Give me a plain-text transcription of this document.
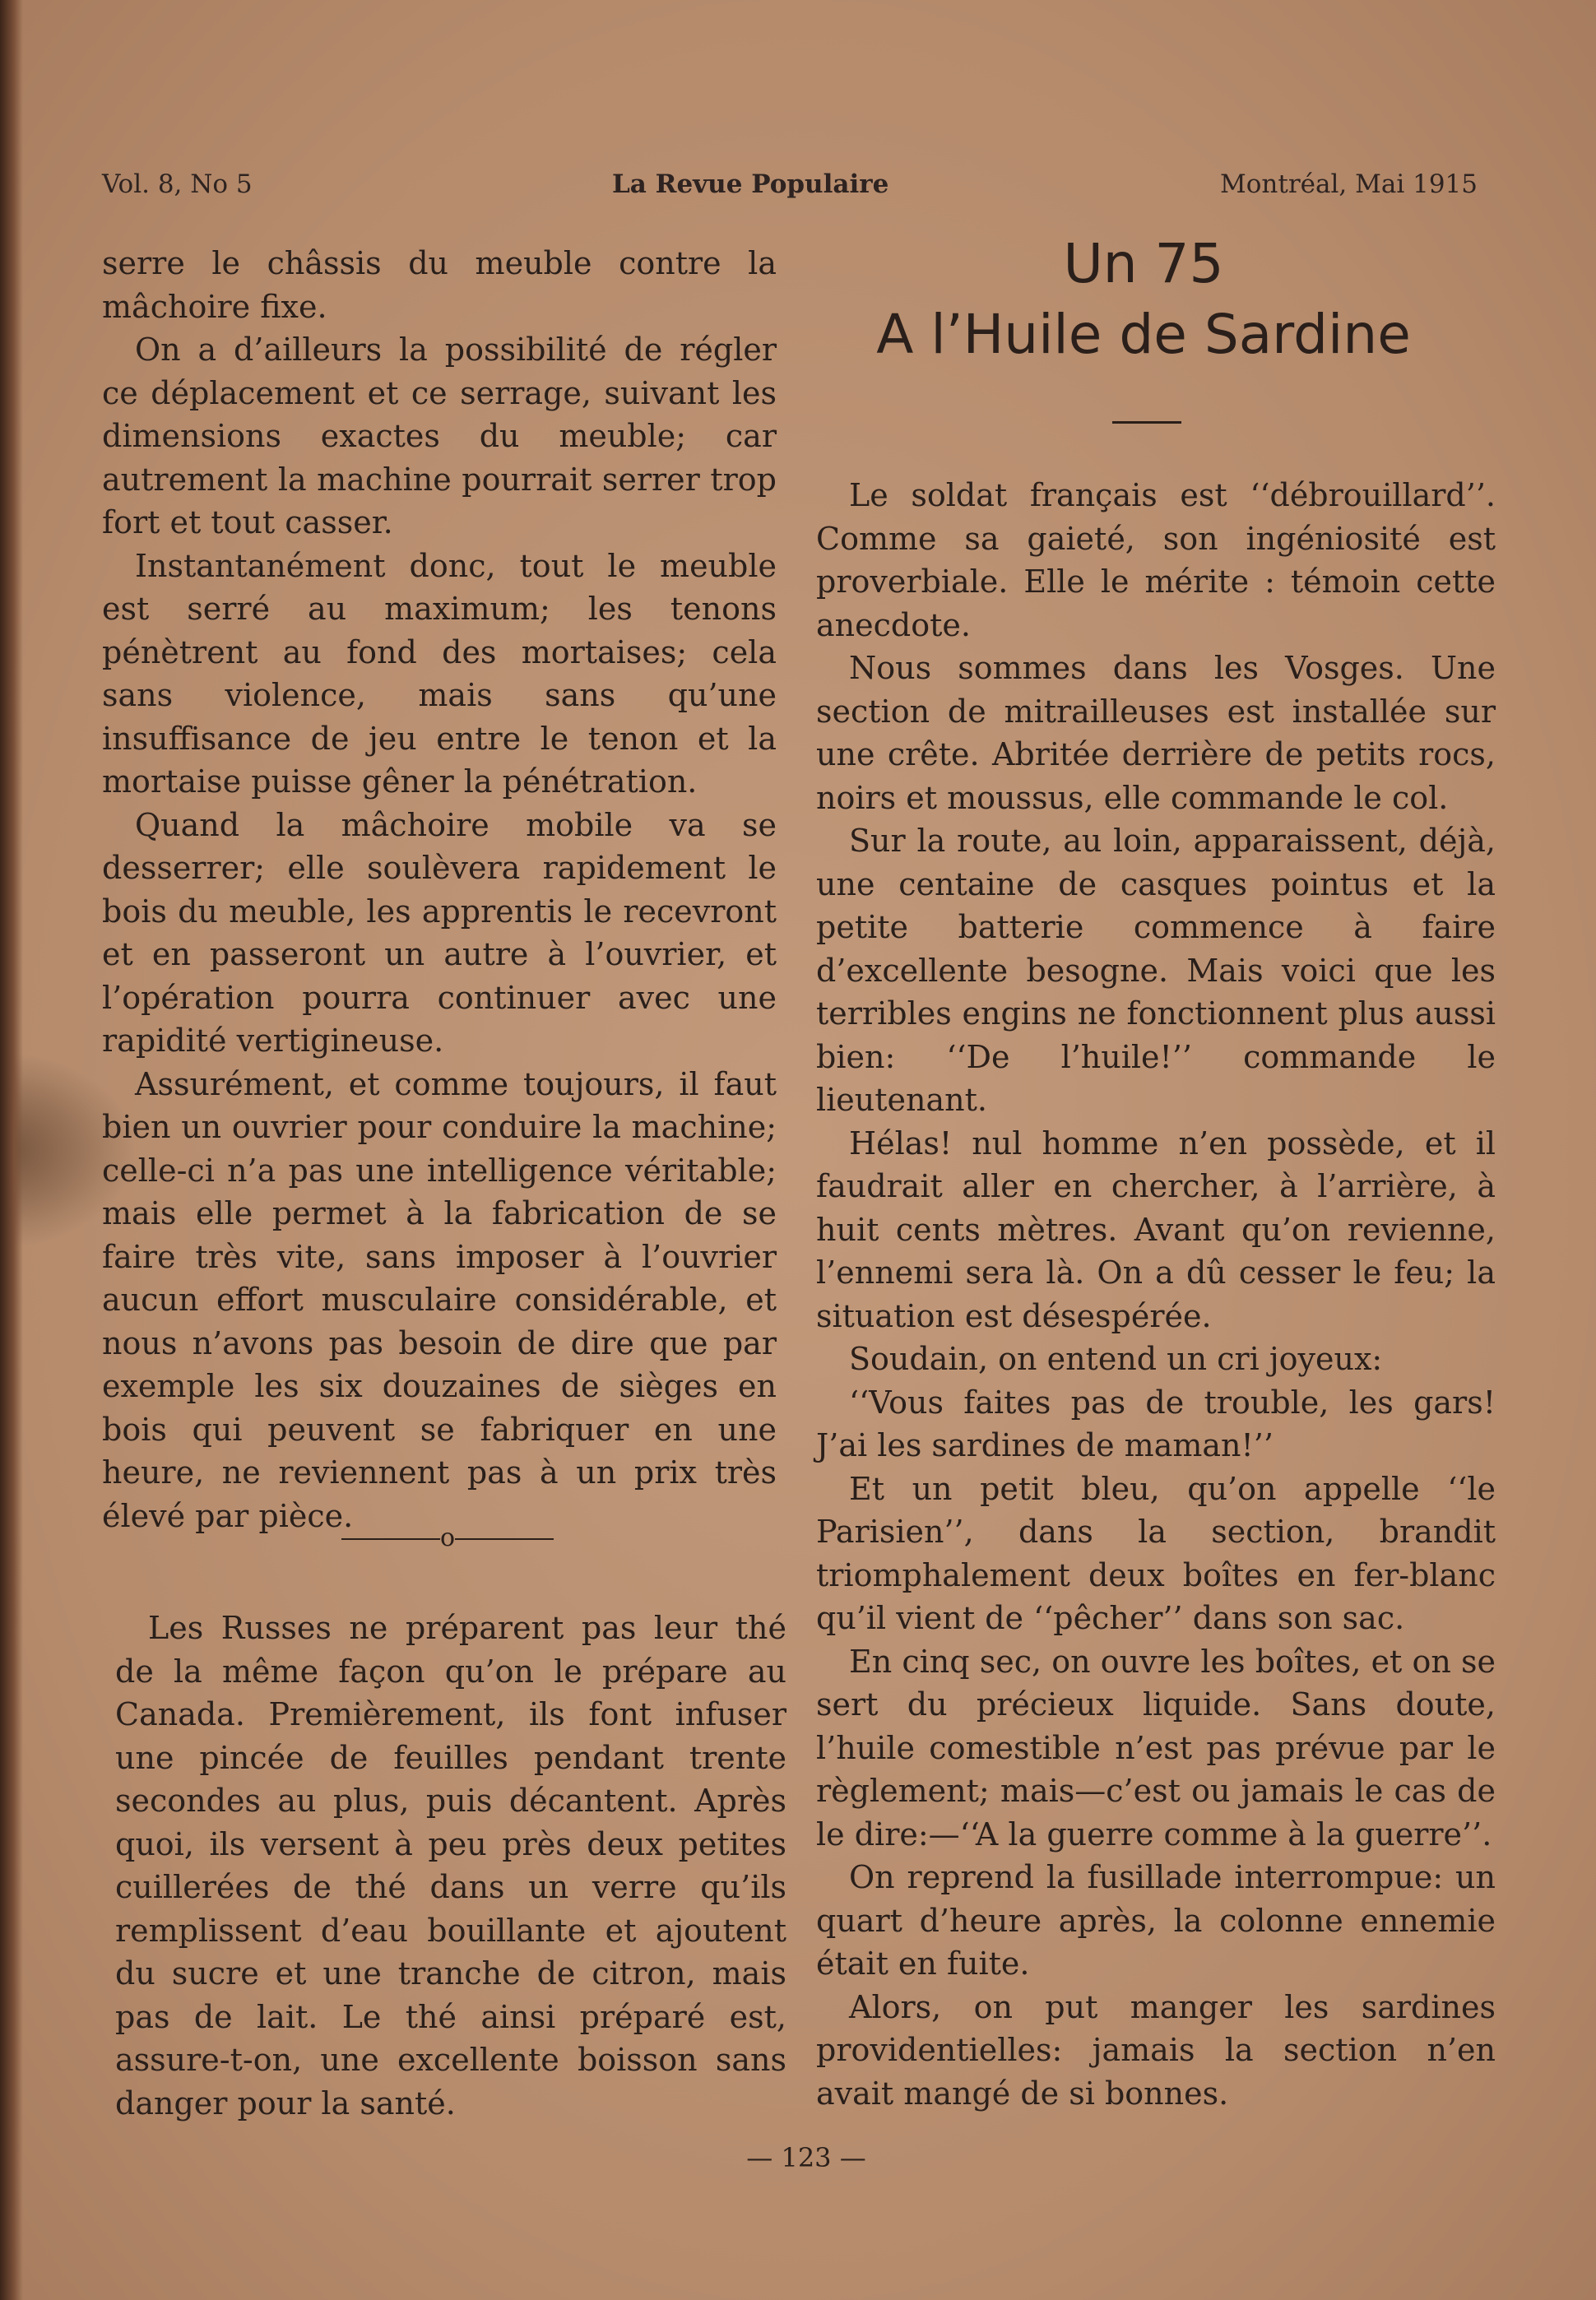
Vol. 8, No 5	La Revue Populaire	Montréal, Mai 1915

serre le châssis du meuble contre la mâchoire fixe.

On a d’ailleurs la possibilité de régler ce déplacement et ce serrage, suivant les dimensions exactes du meuble; car autrement la machine pourrait serrer trop fort et tout casser.

Instantanément donc, tout le meuble est serré au maximum; les tenons pénètrent au fond des mortaises; cela sans violence, mais sans qu’une insuffisance de jeu entre le tenon et la mortaise puisse gêner la pénétration.

Quand la mâchoire mobile va se desserrer; elle soulèvera rapidement le bois du meuble, les apprentis le recevront et en passeront un autre à l’ouvrier, et l’opération pourra continuer avec une rapidité vertigineuse.

Assurément, et comme toujours, il faut bien un ouvrier pour conduire la machine; celle-ci n’a pas une intelligence véritable; mais elle permet à la fabrication de se faire très vite, sans imposer à l’ouvrier aucun effort musculaire considérable, et nous n’avons pas besoin de dire que par exemple les six douzaines de sièges en bois qui peuvent se fabriquer en une heure, ne reviennent pas à un prix très élevé par pièce.

o

Les Russes ne préparent pas leur thé de la même façon qu’on le prépare au Canada. Premièrement, ils font infuser une pincée de feuilles pendant trente secondes au plus, puis décantent. Après quoi, ils versent à peu près deux petites cuillerées de thé dans un verre qu’ils remplissent d’eau bouillante et ajoutent du sucre et une tranche de citron, mais pas de lait. Le thé ainsi préparé est, assure-t-on, une excellente boisson sans danger pour la santé.

Un 75
A l’Huile de Sardine

Le soldat français est ‘‘débrouillard’’. Comme sa gaieté, son ingéniosité est proverbiale. Elle le mérite : témoin cette anecdote.

Nous sommes dans les Vosges. Une section de mitrailleuses est installée sur une crête. Abritée derrière de petits rocs, noirs et moussus, elle commande le col.

Sur la route, au loin, apparaissent, déjà, une centaine de casques pointus et la petite batterie commence à faire d’excellente besogne. Mais voici que les terribles engins ne fonctionnent plus aussi bien: ‘‘De l’huile!’’ commande le lieutenant.

Hélas! nul homme n’en possède, et il faudrait aller en chercher, à l’arrière, à huit cents mètres. Avant qu’on revienne, l’ennemi sera là. On a dû cesser le feu; la situation est désespérée.

Soudain, on entend un cri joyeux:

‘‘Vous faites pas de trouble, les gars! J’ai les sardines de maman!’’

Et un petit bleu, qu’on appelle ‘‘le Parisien’’, dans la section, brandit triomphalement deux boîtes en fer-blanc qu’il vient de ‘‘pêcher’’ dans son sac.

En cinq sec, on ouvre les boîtes, et on se sert du précieux liquide. Sans doute, l’huile comestible n’est pas prévue par le règlement; mais—c’est ou jamais le cas de le dire:—‘‘A la guerre comme à la guerre’’.

On reprend la fusillade interrompue: un quart d’heure après, la colonne ennemie était en fuite.

Alors, on put manger les sardines providentielles: jamais la section n’en avait mangé de si bonnes.

— 123 —
